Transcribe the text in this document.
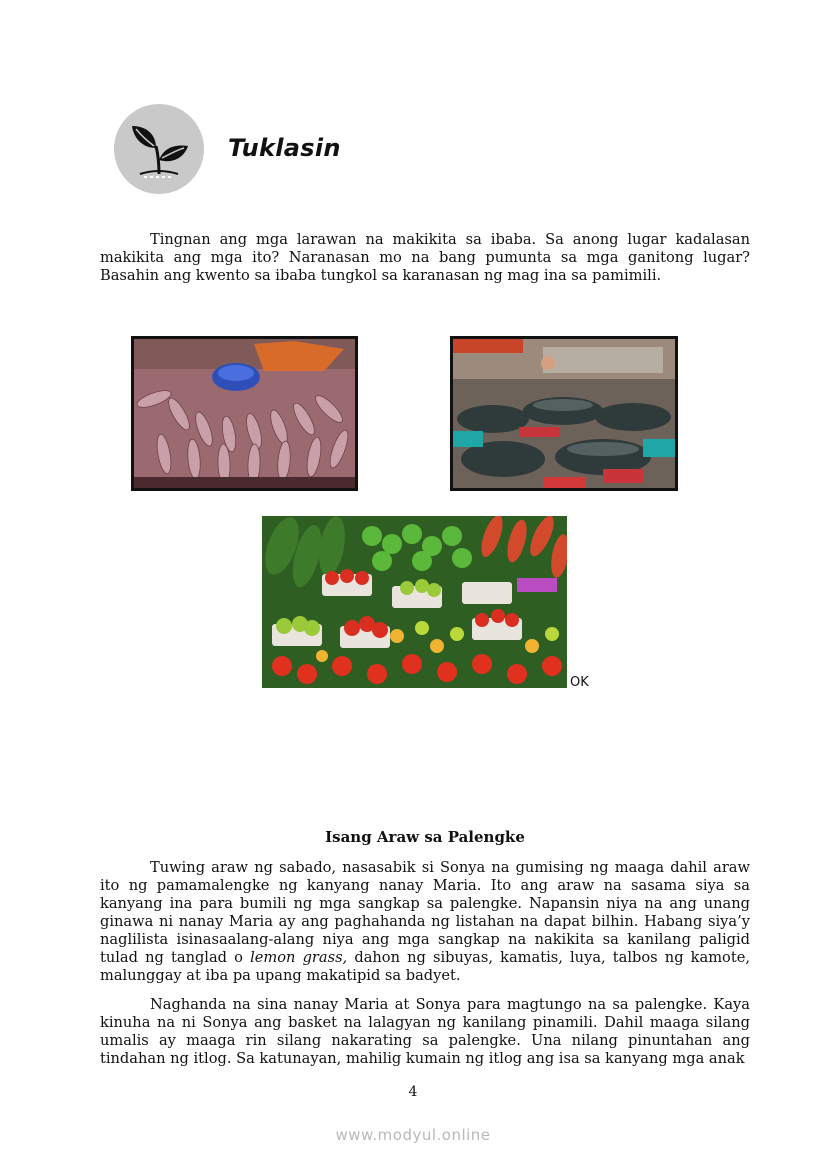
Tuklasin

Tingnan ang mga larawan na makikita sa ibaba. Sa anong lugar kadalasan makikita ang mga ito? Naranasan mo na bang pumunta sa mga ganitong lugar? Basahin ang kwento sa ibaba tungkol sa karanasan ng mag ina sa pamimili.

OK
Isang Araw sa Palengke

Tuwing araw ng sabado, nasasabik si Sonya na gumising ng maaga dahil araw ito ng pamamalengke ng kanyang nanay Maria. Ito ang araw na sasama siya sa kanyang ina para bumili ng mga sangkap sa palengke. Napansin niya na ang unang ginawa ni nanay Maria ay ang paghahanda ng listahan na dapat bilhin. Habang siya’y naglilista isinasaalang-alang niya ang mga sangkap na nakikita sa kanilang paligid tulad ng tanglad o lemon grass, dahon ng sibuyas, kamatis, luya, talbos ng kamote, malunggay at iba pa upang makatipid sa badyet.

Naghanda na sina nanay Maria at Sonya para magtungo na sa palengke. Kaya kinuha na ni Sonya ang basket na lalagyan ng kanilang pinamili. Dahil maaga silang umalis ay maaga rin silang nakarating sa palengke. Una nilang pinuntahan ang tindahan ng itlog. Sa katunayan, mahilig kumain ng itlog ang isa sa kanyang mga anak

4
www.modyul.online
